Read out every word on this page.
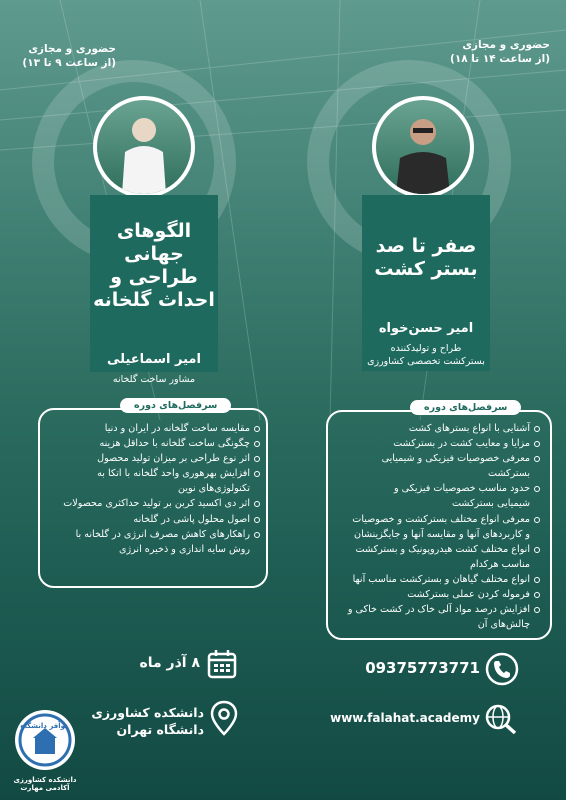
حضوری و مجازی
(از ساعت ۹ تا ۱۳)
الگوهای جهانی
طراحی و
احداث گلخانه
امیر اسماعیلی
مشاور ساخت گلخانه
حضوری و مجازی
(از ساعت ۱۴ تا ۱۸)
صفر تا صد
بستر کشت
امیر حسن‌خواه
طراح و تولیدکننده
بسترکشت تخصصی کشاورزی
سرفصل‌های دوره
مقایسه ساخت گلخانه در ایران و دنیا
چگونگی ساخت گلخانه با حداقل هزینه
اثر نوع طراحی بر میزان تولید محصول
افزایش بهرهوری واحد گلخانه با اتکا به
تکنولوژی‌های نوین
اثر دی اکسید کربن بر تولید حداکثری محصولات
اصول محلول پاشی در گلخانه
راهکارهای کاهش مصرف انرژی در گلخانه با
روش سایه اندازی و ذخیره انرژی
سرفصل‌های دوره
آشنایی با انواع بسترهای کشت
مزایا و معایب کشت در بسترکشت
معرفی خصوصیات فیزیکی و شیمیایی
بسترکشت
حدود مناسب خصوصیات فیزیکی و
شیمیایی بسترکشت
معرفی انواع مختلف بسترکشت و خصوصیات
و کاربردهای آنها و مقایسه آنها و جایگزینشان
انواع مختلف کشت هیدروپونیک و بسترکشت
مناسب هرکدام
انواع مختلف گیاهان و بسترکشت مناسب آنها
فرموله کردن عملی بسترکشت
افزایش درصد مواد آلی خاک در کشت خاکی و
چالش‌های آن
۸ آذر ماه
دانشکده کشاورزی
دانشگاه تهران
09375773771
www.falahat.academy
نوآفر دانشگاه
دانشکده کشاورزی
آکادمی مهارت
